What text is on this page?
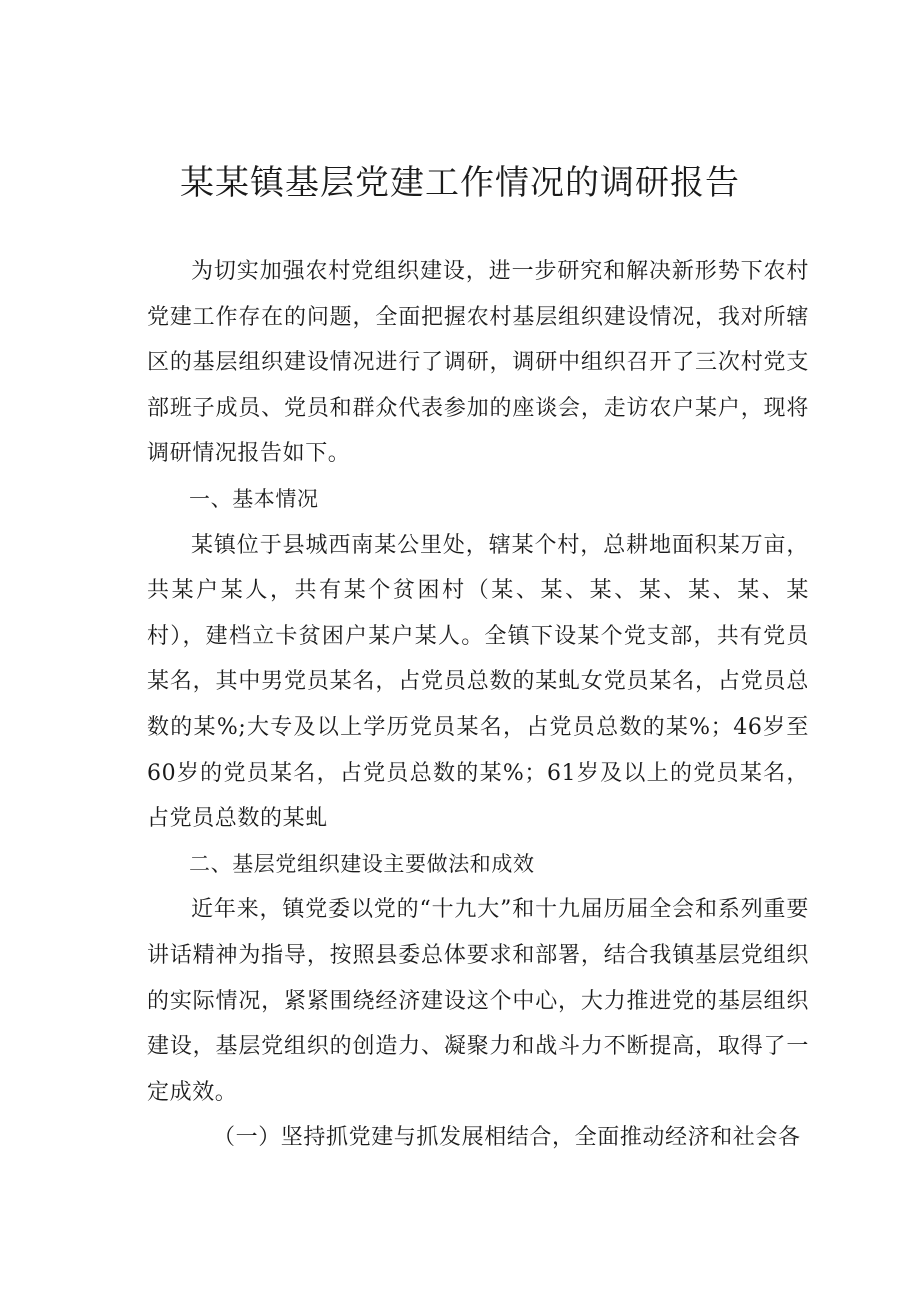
某某镇基层党建工作情况的调研报告

为切实加强农村党组织建设，进一步研究和解决新形势下农村党建工作存在的问题，全面把握农村基层组织建设情况，我对所辖区的基层组织建设情况进行了调研，调研中组织召开了三次村党支部班子成员、党员和群众代表参加的座谈会，走访农户某户，现将调研情况报告如下。

一、基本情况

某镇位于县城西南某公里处，辖某个村，总耕地面积某万亩，共某户某人，共有某个贫困村（某、某、某、某、某、某、某村），建档立卡贫困户某户某人。全镇下设某个党支部，共有党员某名，其中男党员某名，占党员总数的某虬女党员某名，占党员总数的某%;大专及以上学历党员某名，占党员总数的某%；46岁至60岁的党员某名，占党员总数的某%；61岁及以上的党员某名，占党员总数的某虬

二、基层党组织建设主要做法和成效

近年来，镇党委以党的“十九大”和十九届历届全会和系列重要讲话精神为指导，按照县委总体要求和部署，结合我镇基层党组织的实际情况，紧紧围绕经济建设这个中心，大力推进党的基层组织建设，基层党组织的创造力、凝聚力和战斗力不断提高，取得了一定成效。

（一）坚持抓党建与抓发展相结合，全面推动经济和社会各
